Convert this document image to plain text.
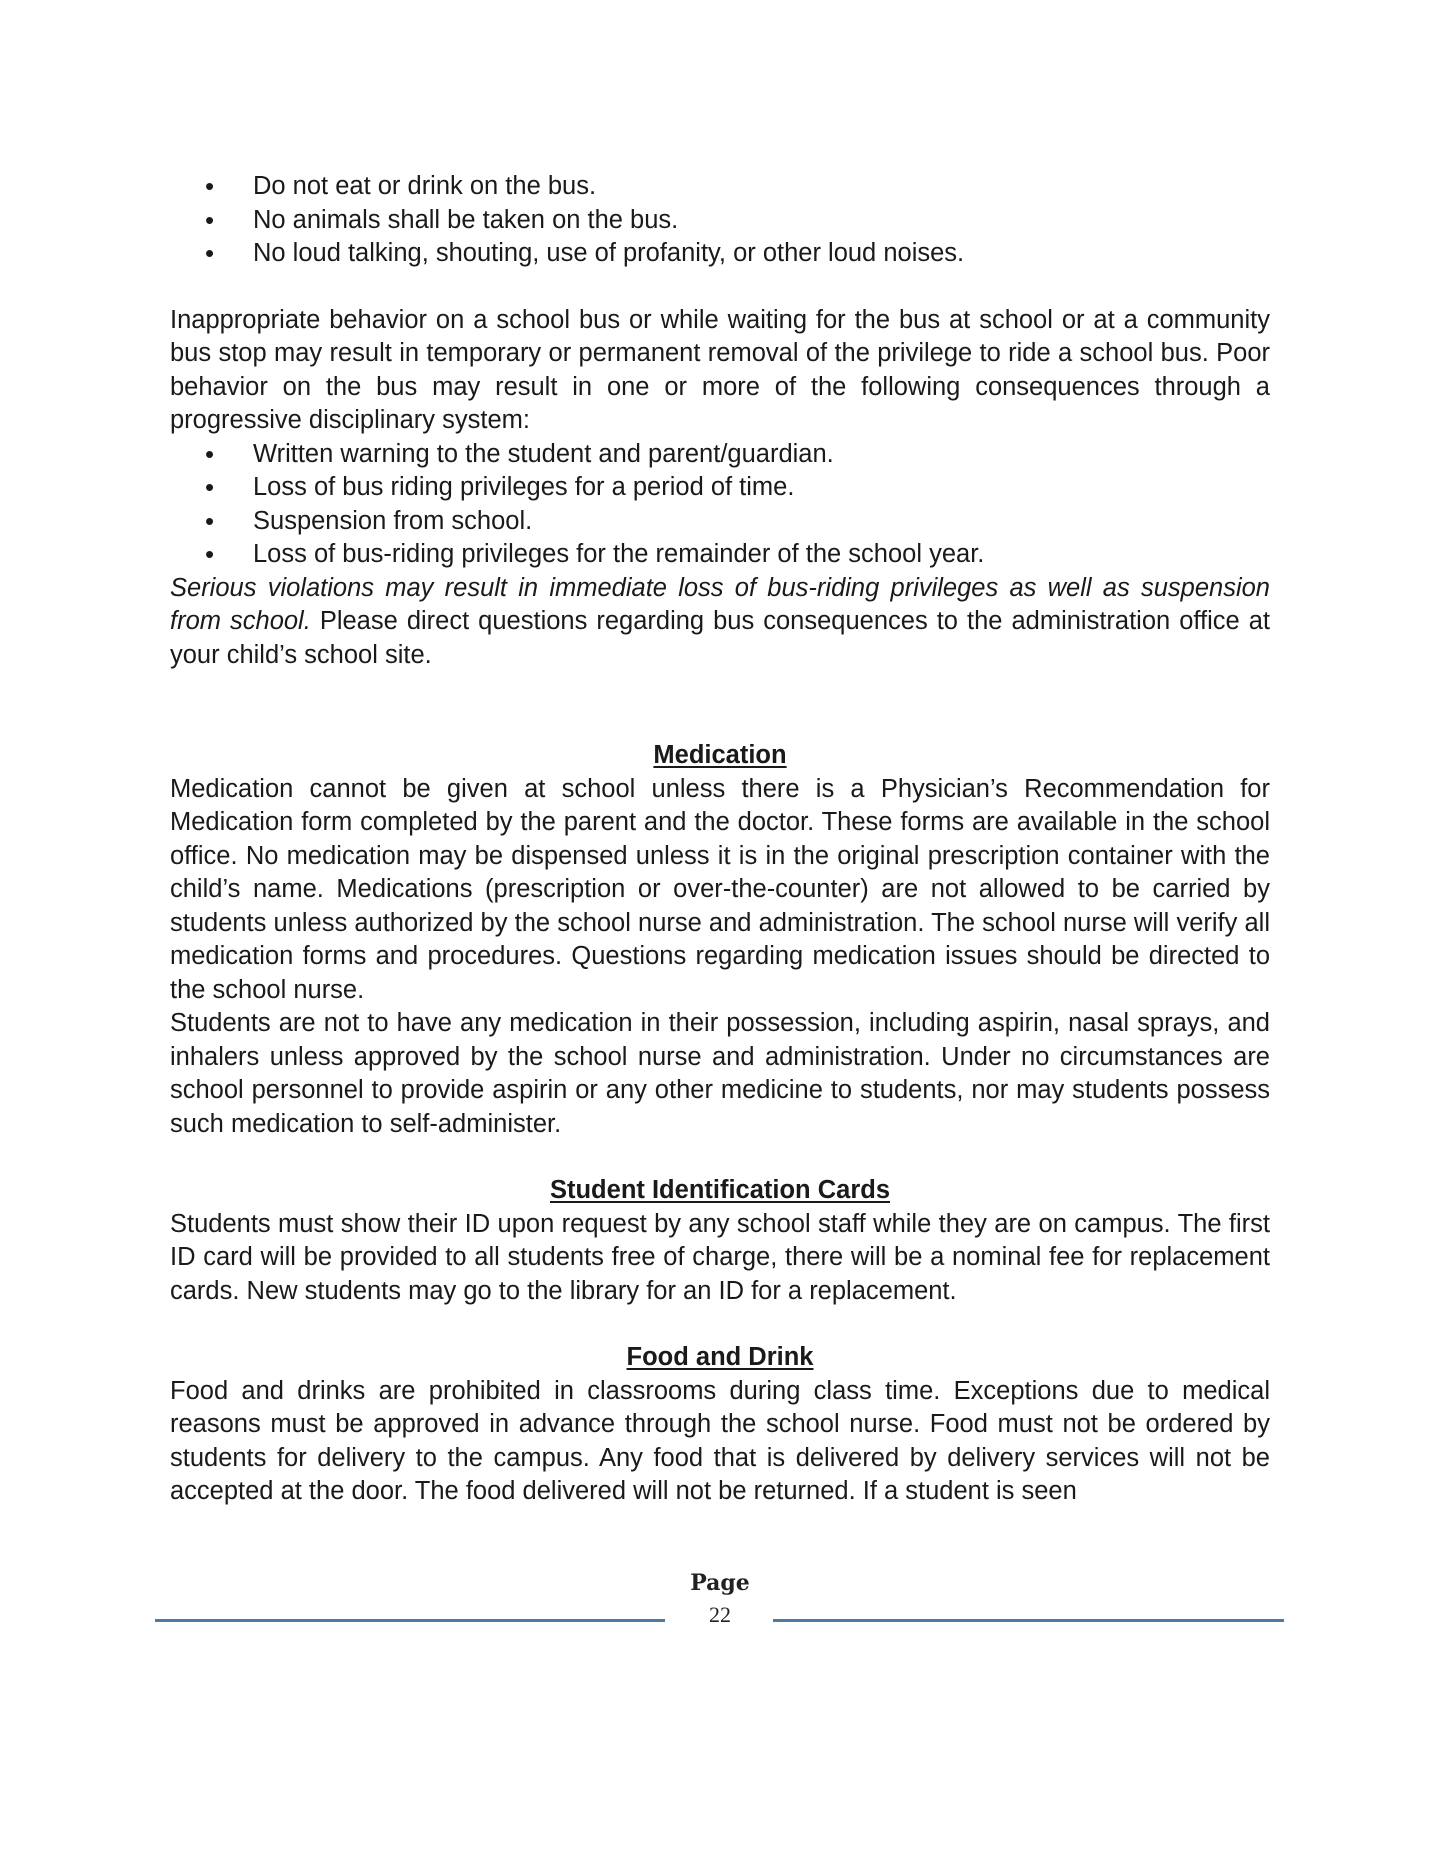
• Do not eat or drink on the bus.
• No animals shall be taken on the bus.
• No loud talking, shouting, use of profanity, or other loud noises.

Inappropriate behavior on a school bus or while waiting for the bus at school or at a community bus stop may result in temporary or permanent removal of the privilege to ride a school bus. Poor behavior on the bus may result in one or more of the following consequences through a progressive disciplinary system:

• Written warning to the student and parent/guardian.
• Loss of bus riding privileges for a period of time.
• Suspension from school.
• Loss of bus-riding privileges for the remainder of the school year.

Serious violations may result in immediate loss of bus-riding privileges as well as suspension from school. Please direct questions regarding bus consequences to the administration office at your child’s school site.

Medication

Medication cannot be given at school unless there is a Physician’s Recommendation for Medication form completed by the parent and the doctor. These forms are available in the school office. No medication may be dispensed unless it is in the original prescription container with the child’s name. Medications (prescription or over-the-counter) are not allowed to be carried by students unless authorized by the school nurse and administration. The school nurse will verify all medication forms and procedures. Questions regarding medication issues should be directed to the school nurse.

Students are not to have any medication in their possession, including aspirin, nasal sprays, and inhalers unless approved by the school nurse and administration. Under no circumstances are school personnel to provide aspirin or any other medicine to students, nor may students possess such medication to self-administer.

Student Identification Cards

Students must show their ID upon request by any school staff while they are on campus. The first ID card will be provided to all students free of charge, there will be a nominal fee for replacement cards. New students may go to the library for an ID for a replacement.

Food and Drink

Food and drinks are prohibited in classrooms during class time. Exceptions due to medical reasons must be approved in advance through the school nurse. Food must not be ordered by students for delivery to the campus. Any food that is delivered by delivery services will not be accepted at the door. The food delivered will not be returned. If a student is seen

Page
22
